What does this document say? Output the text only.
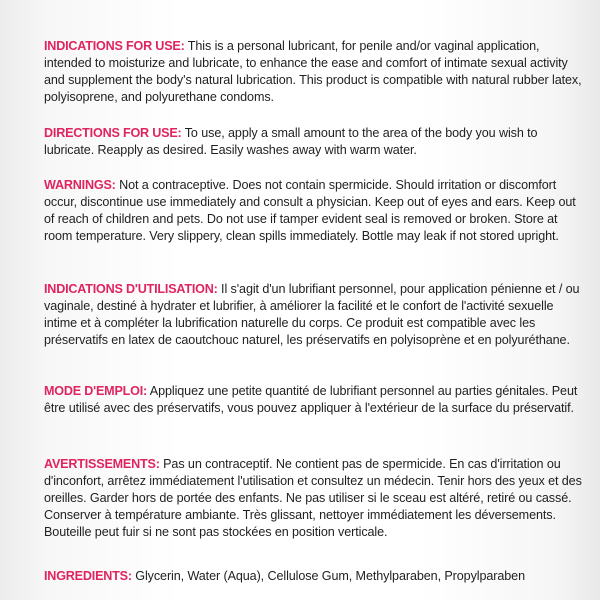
INDICATIONS FOR USE: This is a personal lubricant, for penile and/or vaginal application, intended to moisturize and lubricate, to enhance the ease and comfort of intimate sexual activity and supplement the body's natural lubrication. This product is compatible with natural rubber latex, polyisoprene, and polyurethane condoms.
DIRECTIONS FOR USE: To use, apply a small amount to the area of the body you wish to lubricate. Reapply as desired. Easily washes away with warm water.
WARNINGS: Not a contraceptive. Does not contain spermicide. Should irritation or discomfort occur, discontinue use immediately and consult a physician. Keep out of eyes and ears. Keep out of reach of children and pets. Do not use if tamper evident seal is removed or broken. Store at room temperature. Very slippery, clean spills immediately. Bottle may leak if not stored upright.
INDICATIONS D'UTILISATION: Il s'agit d'un lubrifiant personnel, pour application pénienne et / ou vaginale, destiné à hydrater et lubrifier, à améliorer la facilité et le confort de l'activité sexuelle intime et à compléter la lubrification naturelle du corps. Ce produit est compatible avec les préservatifs en latex de caoutchouc naturel, les préservatifs en polyisoprène et en polyuréthane.
MODE D'EMPLOI: Appliquez une petite quantité de lubrifiant personnel au parties génitales. Peut être utilisé avec des préservatifs, vous pouvez appliquer à l'extérieur de la surface du préservatif.
AVERTISSEMENTS: Pas un contraceptif. Ne contient pas de spermicide. En cas d'irritation ou d'inconfort, arrêtez immédiatement l'utilisation et consultez un médecin. Tenir hors des yeux et des oreilles. Garder hors de portée des enfants. Ne pas utiliser si le sceau est altéré, retiré ou cassé. Conserver à température ambiante. Très glissant, nettoyer immédiatement les déversements. Bouteille peut fuir si ne sont pas stockées en position verticale.
INGREDIENTS: Glycerin, Water (Aqua), Cellulose Gum, Methylparaben, Propylparaben
